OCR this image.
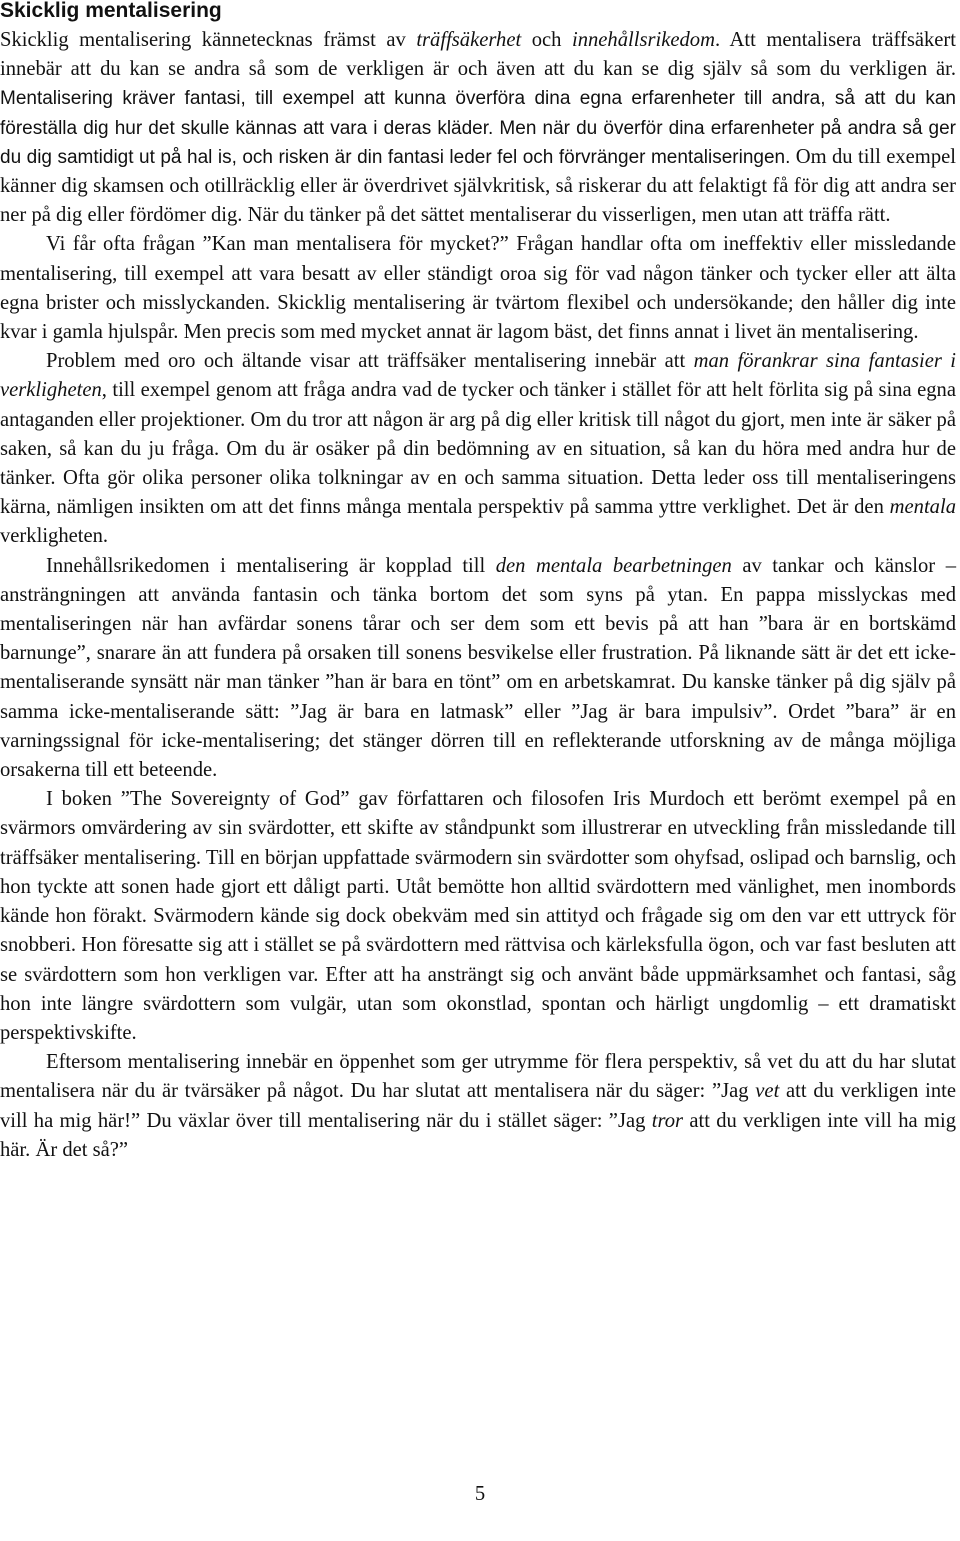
Skicklig mentalisering

Skicklig mentalisering kännetecknas främst av träffsäkerhet och innehållsrikedom. Att mentalisera träffsäkert innebär att du kan se andra så som de verkligen är och även att du kan se dig själv så som du verkligen är. Mentalisering kräver fantasi, till exempel att kunna överföra dina egna erfarenheter till andra, så att du kan föreställa dig hur det skulle kännas att vara i deras kläder. Men när du överför dina erfarenheter på andra så ger du dig samtidigt ut på hal is, och risken är din fantasi leder fel och förvränger mentaliseringen. Om du till exempel känner dig skamsen och otillräcklig eller är överdrivet självkritisk, så riskerar du att felaktigt få för dig att andra ser ner på dig eller fördömer dig. När du tänker på det sättet mentaliserar du visserligen, men utan att träffa rätt.

Vi får ofta frågan ”Kan man mentalisera för mycket?” Frågan handlar ofta om ineffektiv eller missledande mentalisering, till exempel att vara besatt av eller ständigt oroa sig för vad någon tänker och tycker eller att älta egna brister och misslyckanden. Skicklig mentalisering är tvärtom flexibel och undersökande; den håller dig inte kvar i gamla hjulspår. Men precis som med mycket annat är lagom bäst, det finns annat i livet än mentalisering.

Problem med oro och ältande visar att träffsäker mentalisering innebär att man förankrar sina fantasier i verkligheten, till exempel genom att fråga andra vad de tycker och tänker i stället för att helt förlita sig på sina egna antaganden eller projektioner. Om du tror att någon är arg på dig eller kritisk till något du gjort, men inte är säker på saken, så kan du ju fråga. Om du är osäker på din bedömning av en situation, så kan du höra med andra hur de tänker. Ofta gör olika personer olika tolkningar av en och samma situation. Detta leder oss till mentaliseringens kärna, nämligen insikten om att det finns många mentala perspektiv på samma yttre verklighet. Det är den mentala verkligheten.

Innehållsrikedomen i mentalisering är kopplad till den mentala bearbetningen av tankar och känslor – ansträngningen att använda fantasin och tänka bortom det som syns på ytan. En pappa misslyckas med mentaliseringen när han avfärdar sonens tårar och ser dem som ett bevis på att han ”bara är en bortskämd barnunge”, snarare än att fundera på orsaken till sonens besvikelse eller frustration. På liknande sätt är det ett icke-mentaliserande synsätt när man tänker ”han är bara en tönt” om en arbetskamrat. Du kanske tänker på dig själv på samma icke-mentaliserande sätt: ”Jag är bara en latmask” eller ”Jag är bara impulsiv”. Ordet ”bara” är en varningssignal för icke-mentalisering; det stänger dörren till en reflekterande utforskning av de många möjliga orsakerna till ett beteende.

I boken ”The Sovereignty of God” gav författaren och filosofen Iris Murdoch ett berömt exempel på en svärmors omvärdering av sin svärdotter, ett skifte av ståndpunkt som illustrerar en utveckling från missledande till träffsäker mentalisering. Till en början uppfattade svärmodern sin svärdotter som ohyfsad, oslipad och barnslig, och hon tyckte att sonen hade gjort ett dåligt parti. Utåt bemötte hon alltid svärdottern med vänlighet, men inombords kände hon förakt. Svärmodern kände sig dock obekväm med sin attityd och frågade sig om den var ett uttryck för snobberi. Hon föresatte sig att i stället se på svärdottern med rättvisa och kärleksfulla ögon, och var fast besluten att se svärdottern som hon verkligen var. Efter att ha ansträngt sig och använt både uppmärksamhet och fantasi, såg hon inte längre svärdottern som vulgär, utan som okonstlad, spontan och härligt ungdomlig – ett dramatiskt perspektivskifte.

Eftersom mentalisering innebär en öppenhet som ger utrymme för flera perspektiv, så vet du att du har slutat mentalisera när du är tvärsäker på något. Du har slutat att mentalisera när du säger: ”Jag vet att du verkligen inte vill ha mig här!” Du växlar över till mentalisering när du i stället säger: ”Jag tror att du verkligen inte vill ha mig här. Är det så?”

5
